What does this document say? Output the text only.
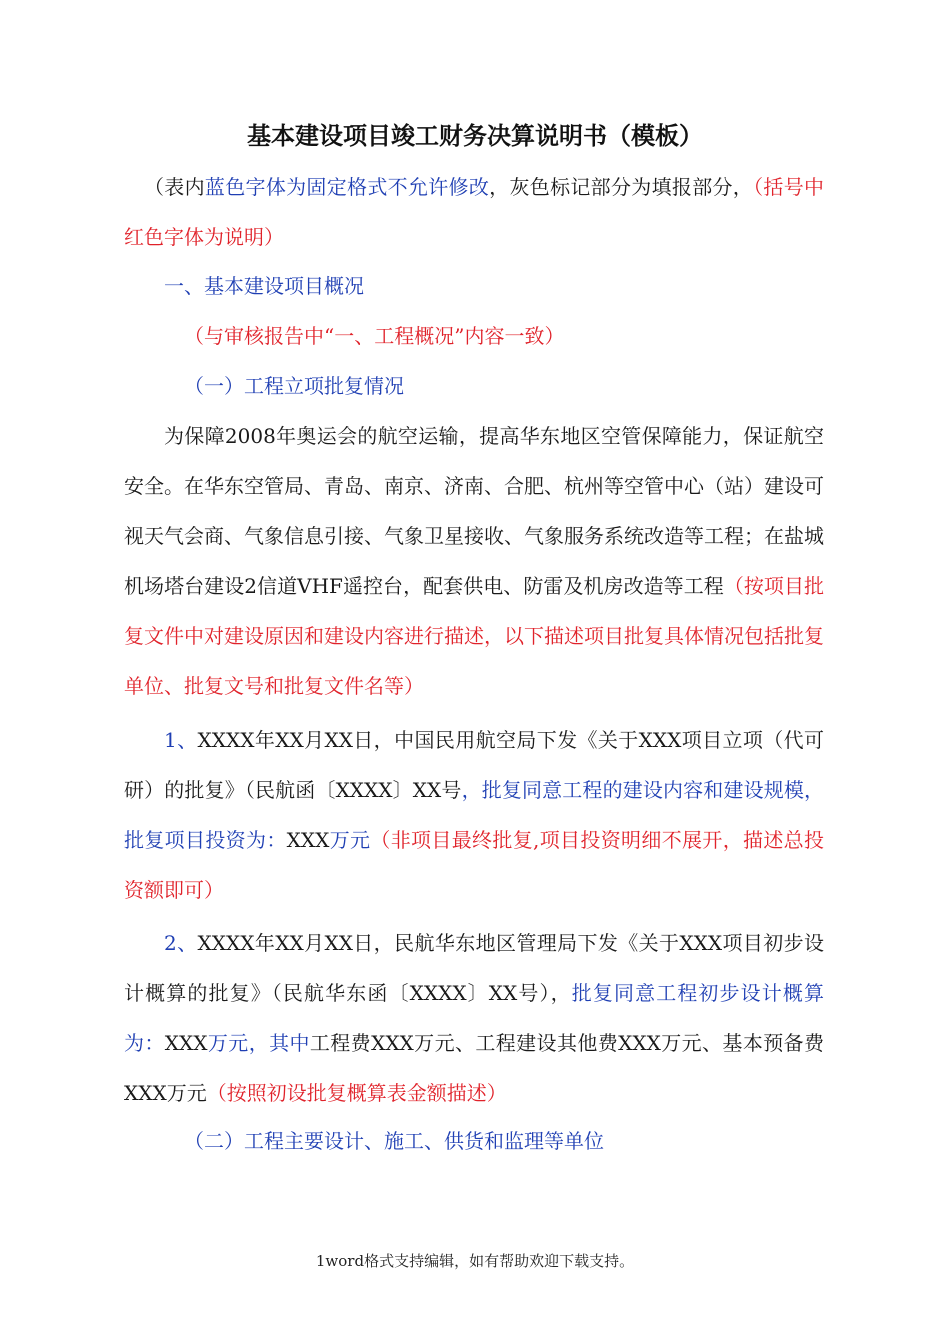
基本建设项目竣工财务决算说明书（模板）
（表内蓝色字体为固定格式不允许修改，灰色标记部分为填报部分，（括号中红色字体为说明）
一、基本建设项目概况
（与审核报告中“一、工程概况”内容一致）
（一）工程立项批复情况
为保障2008年奥运会的航空运输，提高华东地区空管保障能力，保证航空安全。在华东空管局、青岛、南京、济南、合肥、杭州等空管中心（站）建设可视天气会商、气象信息引接、气象卫星接收、气象服务系统改造等工程；在盐城机场塔台建设2信道VHF遥控台，配套供电、防雷及机房改造等工程（按项目批复文件中对建设原因和建设内容进行描述，以下描述项目批复具体情况包括批复单位、批复文号和批复文件名等）
1、XXXX年XX月XX日，中国民用航空局下发《关于XXX项目立项（代可研）的批复》（民航函〔XXXX〕XX号，批复同意工程的建设内容和建设规模，批复项目投资为：XXX万元（非项目最终批复,项目投资明细不展开，描述总投资额即可）
2、XXXX年XX月XX日，民航华东地区管理局下发《关于XXX项目初步设计概算的批复》（民航华东函〔XXXX〕XX号），批复同意工程初步设计概算为：XXX万元，其中工程费XXX万元、工程建设其他费XXX万元、基本预备费XXX万元（按照初设批复概算表金额描述）
（二）工程主要设计、施工、供货和监理等单位
1word格式支持编辑，如有帮助欢迎下载支持。
